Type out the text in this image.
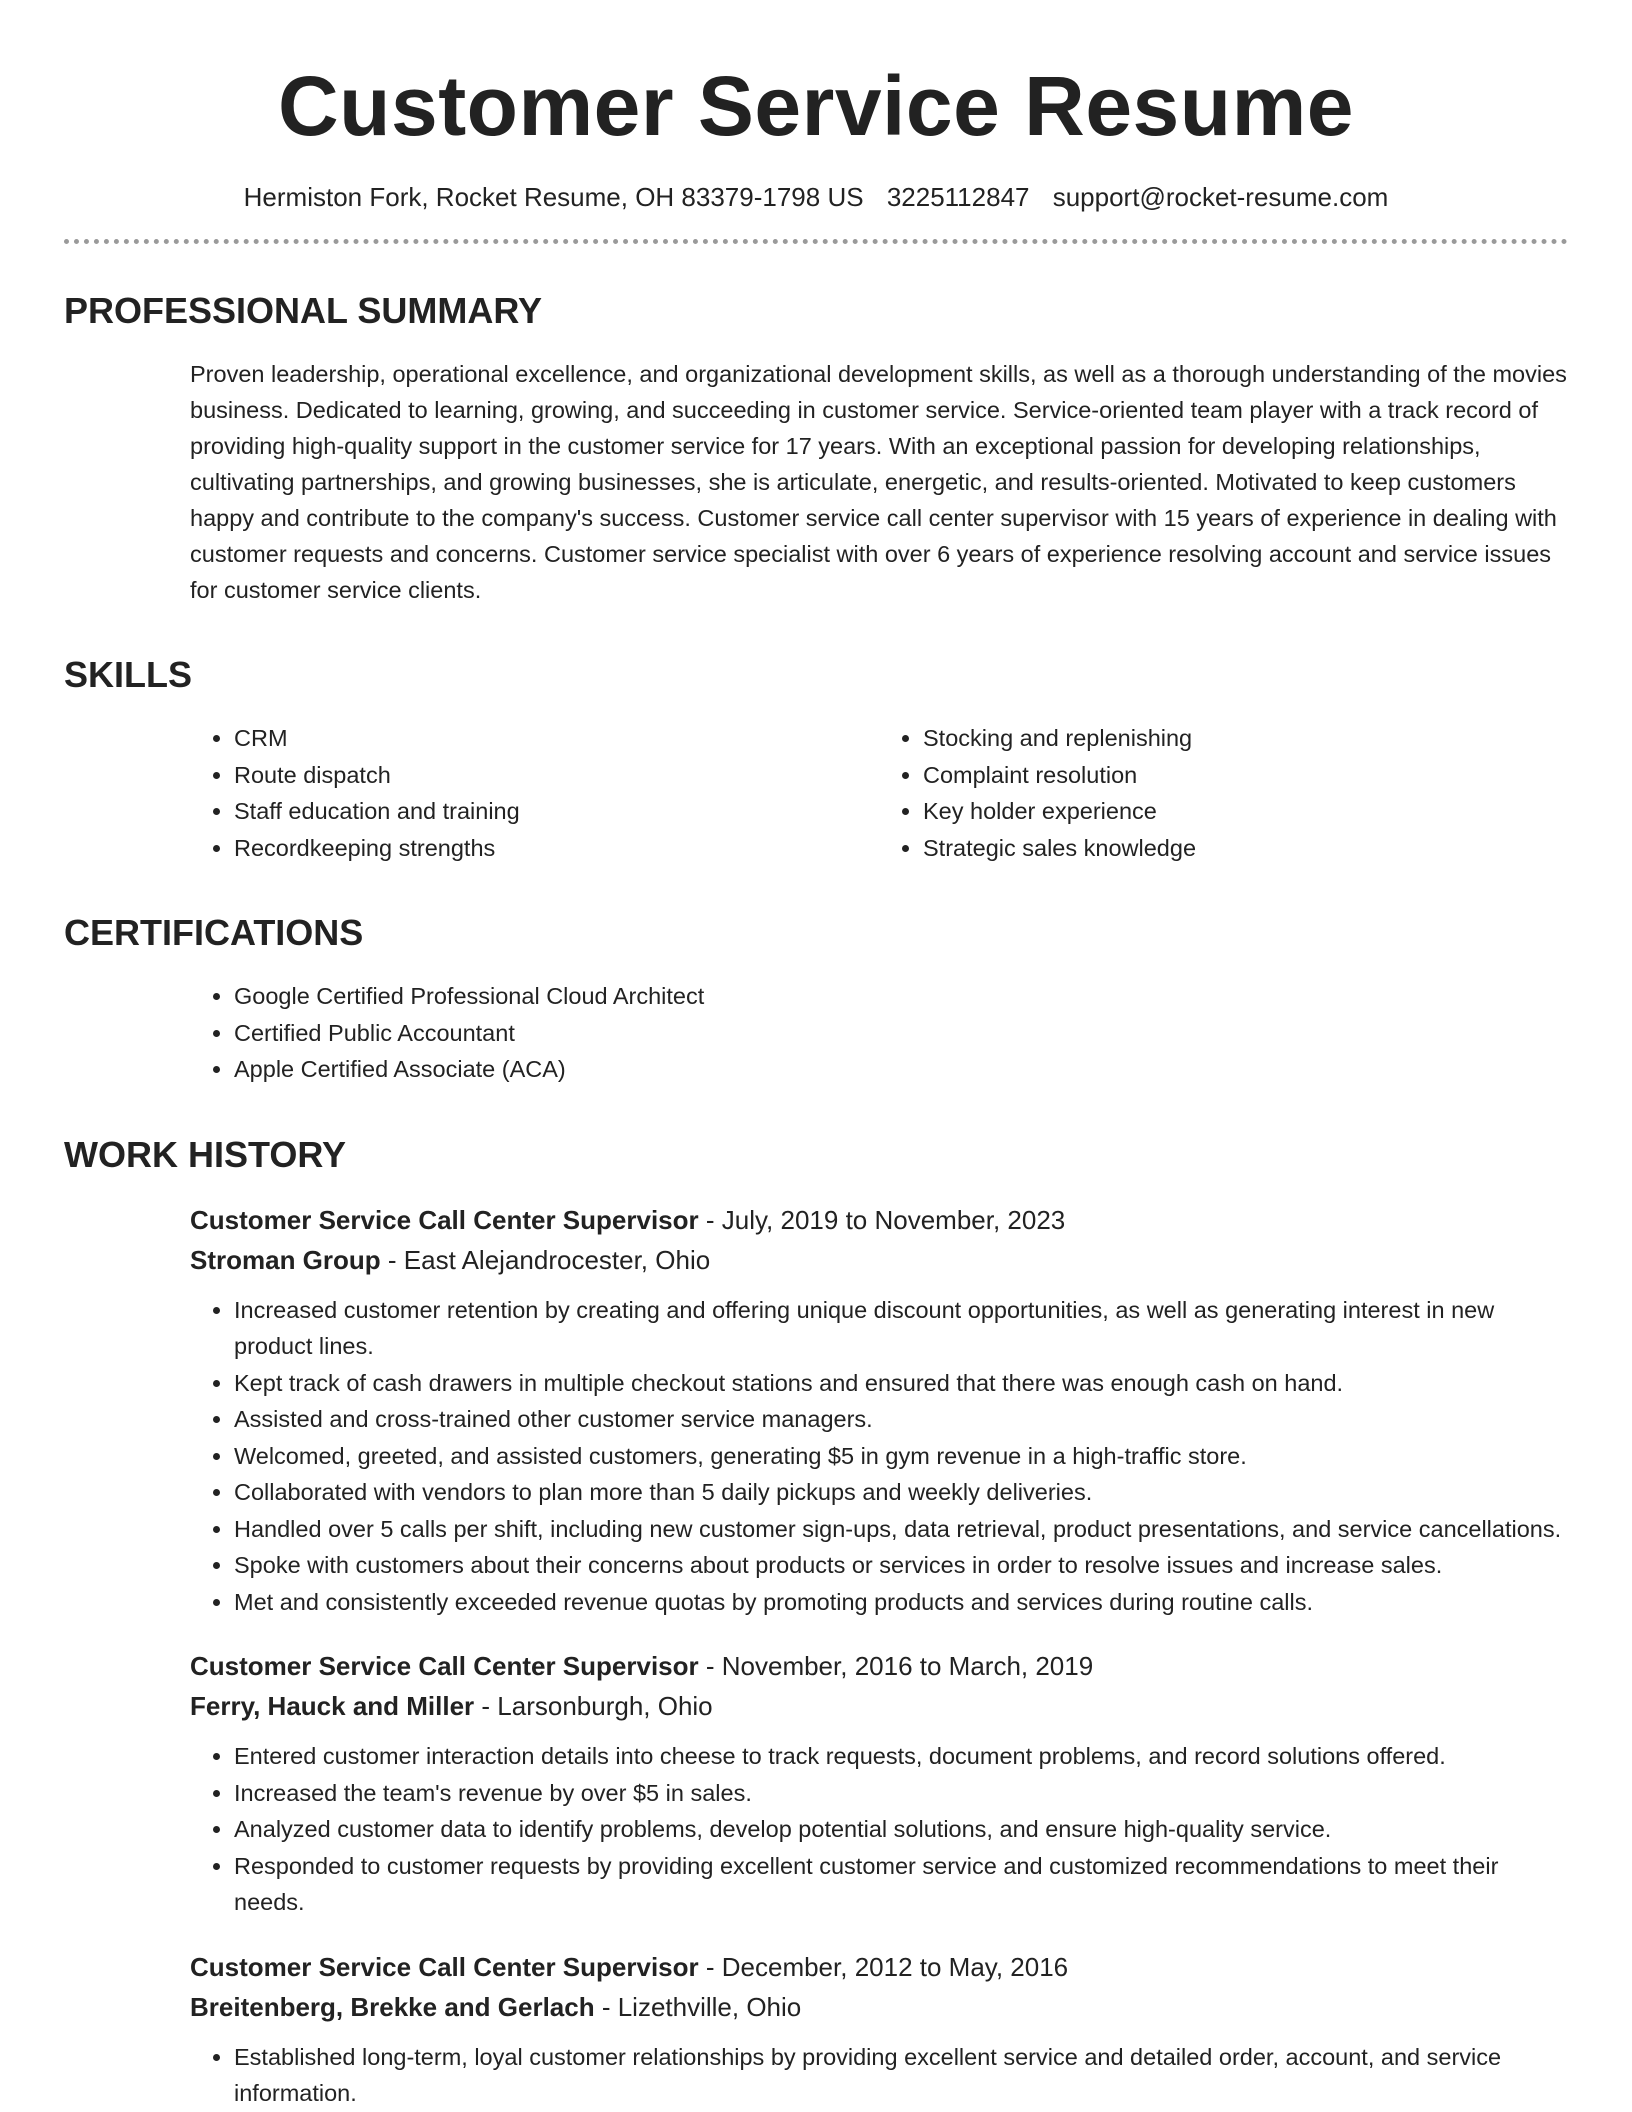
Customer Service Resume
Hermiston Fork, Rocket Resume, OH 83379-1798 US 3225112847 support@rocket-resume.com
PROFESSIONAL SUMMARY

Proven leadership, operational excellence, and organizational development skills, as well as a thorough understanding of the movies business. Dedicated to learning, growing, and succeeding in customer service. Service-oriented team player with a track record of providing high-quality support in the customer service for 17 years. With an exceptional passion for developing relationships, cultivating partnerships, and growing businesses, she is articulate, energetic, and results-oriented. Motivated to keep customers happy and contribute to the company's success. Customer service call center supervisor with 15 years of experience in dealing with customer requests and concerns. Customer service specialist with over 6 years of experience resolving account and service issues for customer service clients.

SKILLS
• CRM
• Route dispatch
• Staff education and training
• Recordkeeping strengths
• Stocking and replenishing
• Complaint resolution
• Key holder experience
• Strategic sales knowledge
CERTIFICATIONS
• Google Certified Professional Cloud Architect
• Certified Public Accountant
• Apple Certified Associate (ACA)
WORK HISTORY
Customer Service Call Center Supervisor - July, 2019 to November, 2023
Stroman Group - East Alejandrocester, Ohio
• Increased customer retention by creating and offering unique discount opportunities, as well as generating interest in new product lines.
• Kept track of cash drawers in multiple checkout stations and ensured that there was enough cash on hand.
• Assisted and cross-trained other customer service managers.
• Welcomed, greeted, and assisted customers, generating $5 in gym revenue in a high-traffic store.
• Collaborated with vendors to plan more than 5 daily pickups and weekly deliveries.
• Handled over 5 calls per shift, including new customer sign-ups, data retrieval, product presentations, and service cancellations.
• Spoke with customers about their concerns about products or services in order to resolve issues and increase sales.
• Met and consistently exceeded revenue quotas by promoting products and services during routine calls.
Customer Service Call Center Supervisor - November, 2016 to March, 2019
Ferry, Hauck and Miller - Larsonburgh, Ohio
• Entered customer interaction details into cheese to track requests, document problems, and record solutions offered.
• Increased the team's revenue by over $5 in sales.
• Analyzed customer data to identify problems, develop potential solutions, and ensure high-quality service.
• Responded to customer requests by providing excellent customer service and customized recommendations to meet their needs.
Customer Service Call Center Supervisor - December, 2012 to May, 2016
Breitenberg, Brekke and Gerlach - Lizethville, Ohio
• Established long-term, loyal customer relationships by providing excellent service and detailed order, account, and service information.
